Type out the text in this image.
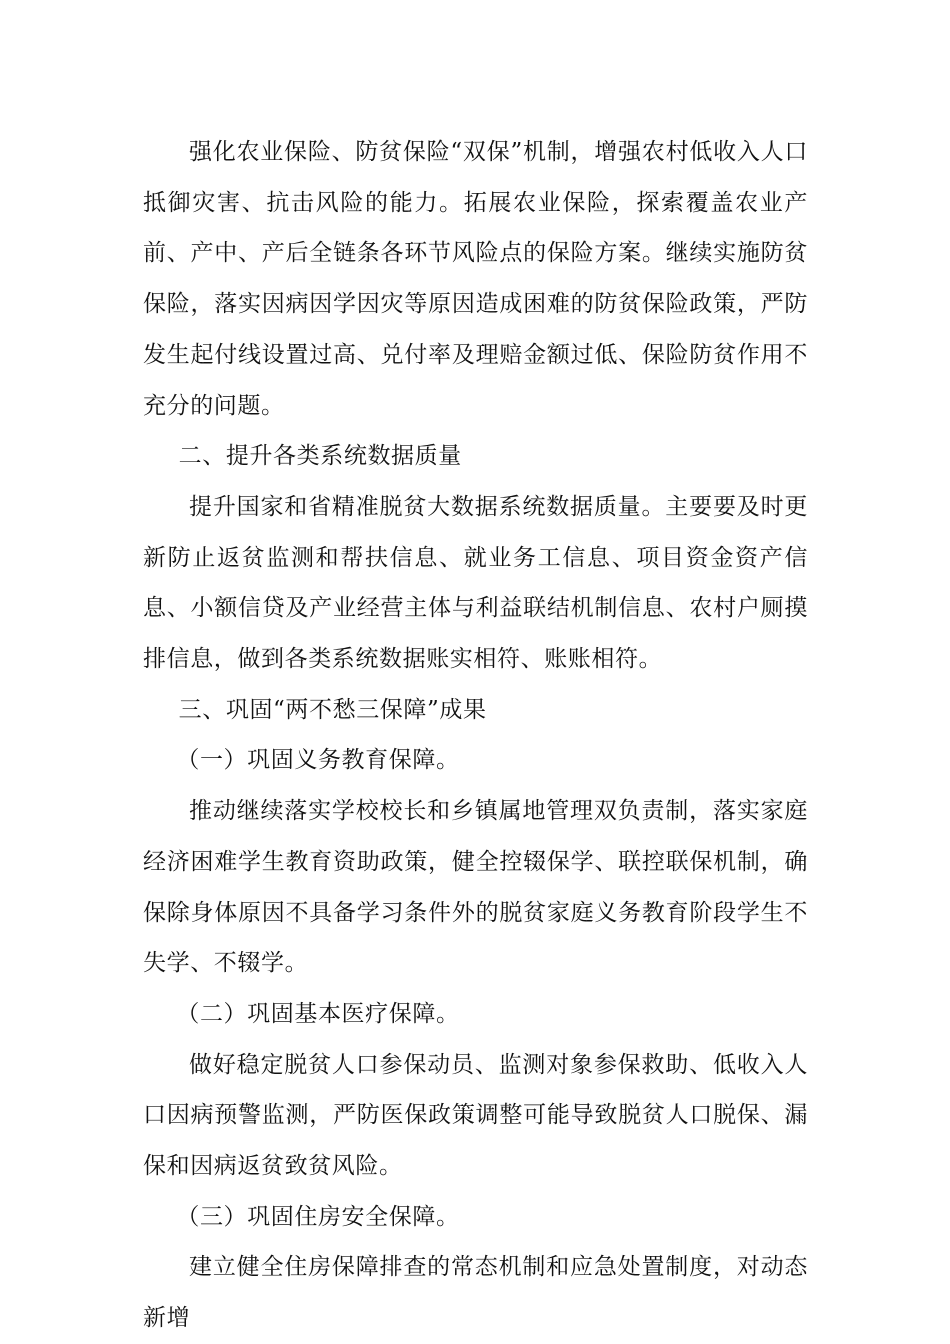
强化农业保险、防贫保险“双保”机制，增强农村低收入人口抵御灾害、抗击风险的能力。拓展农业保险，探索覆盖农业产前、产中、产后全链条各环节风险点的保险方案。继续实施防贫保险，落实因病因学因灾等原因造成困难的防贫保险政策，严防发生起付线设置过高、兑付率及理赔金额过低、保险防贫作用不充分的问题。

二、提升各类系统数据质量

提升国家和省精准脱贫大数据系统数据质量。主要要及时更新防止返贫监测和帮扶信息、就业务工信息、项目资金资产信息、小额信贷及产业经营主体与利益联结机制信息、农村户厕摸排信息，做到各类系统数据账实相符、账账相符。

三、巩固“两不愁三保障”成果

（一）巩固义务教育保障。

推动继续落实学校校长和乡镇属地管理双负责制，落实家庭经济困难学生教育资助政策，健全控辍保学、联控联保机制，确保除身体原因不具备学习条件外的脱贫家庭义务教育阶段学生不失学、不辍学。

（二）巩固基本医疗保障。

做好稳定脱贫人口参保动员、监测对象参保救助、低收入人口因病预警监测，严防医保政策调整可能导致脱贫人口脱保、漏保和因病返贫致贫风险。

（三）巩固住房安全保障。

建立健全住房保障排查的常态机制和应急处置制度，对动态新增
